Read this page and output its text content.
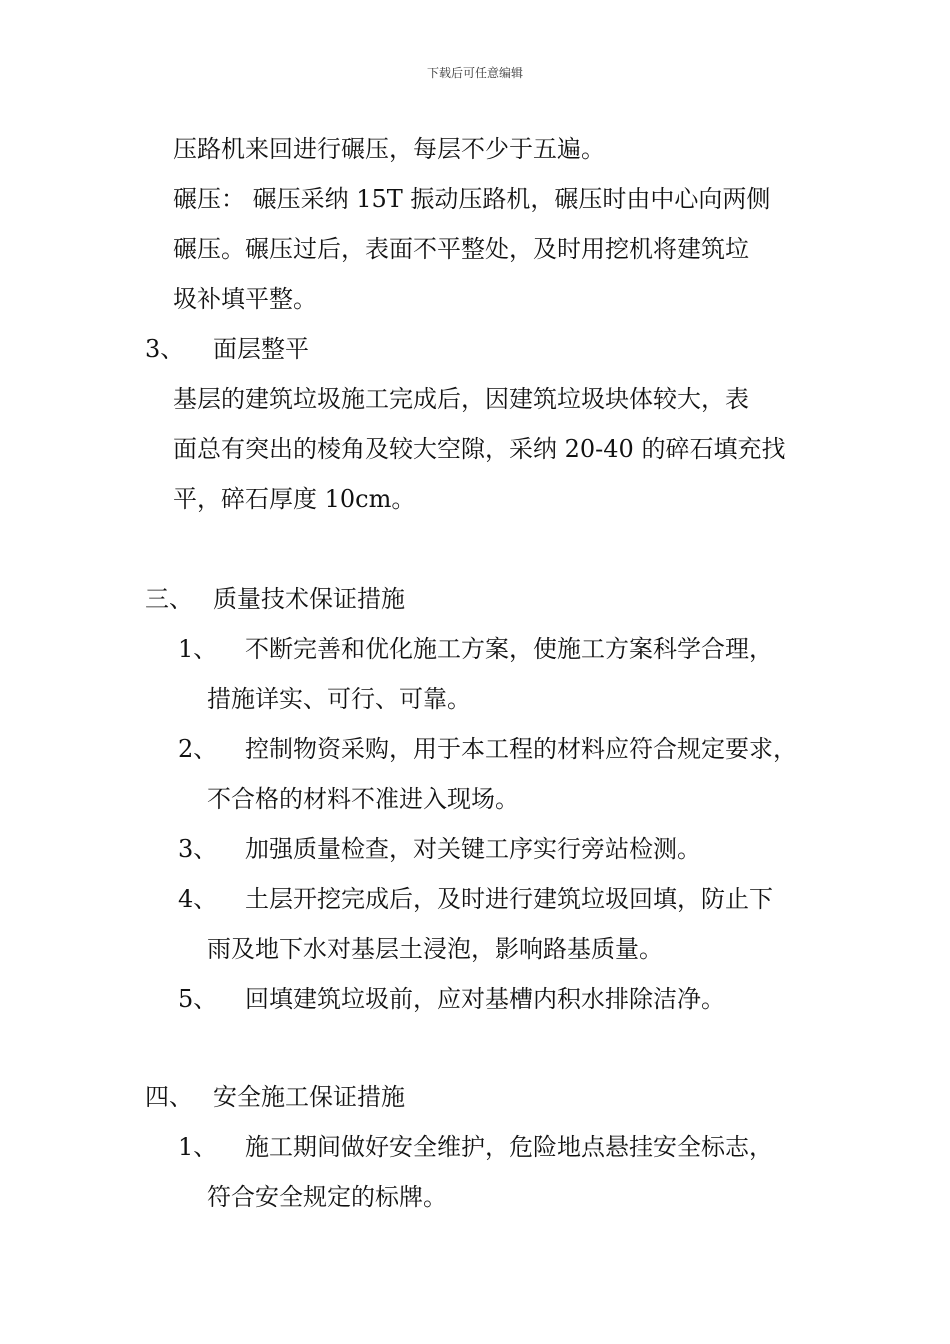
下载后可任意编辑
压路机来回进行碾压，每层不少于五遍。
碾压： 碾压采纳 15T 振动压路机，碾压时由中心向两侧
碾压。碾压过后，表面不平整处，及时用挖机将建筑垃
圾补填平整。
3、 面层整平
基层的建筑垃圾施工完成后，因建筑垃圾块体较大，表
面总有突出的棱角及较大空隙，采纳 20-40 的碎石填充找
平，碎石厚度 10cm。
三、 质量技术保证措施
1、 不断完善和优化施工方案，使施工方案科学合理，
措施详实、可行、可靠。
2、 控制物资采购，用于本工程的材料应符合规定要求，
不合格的材料不准进入现场。
3、 加强质量检查，对关键工序实行旁站检测。
4、 土层开挖完成后，及时进行建筑垃圾回填，防止下
雨及地下水对基层土浸泡，影响路基质量。
5、 回填建筑垃圾前，应对基槽内积水排除洁净。
四、 安全施工保证措施
1、 施工期间做好安全维护，危险地点悬挂安全标志，
符合安全规定的标牌。
